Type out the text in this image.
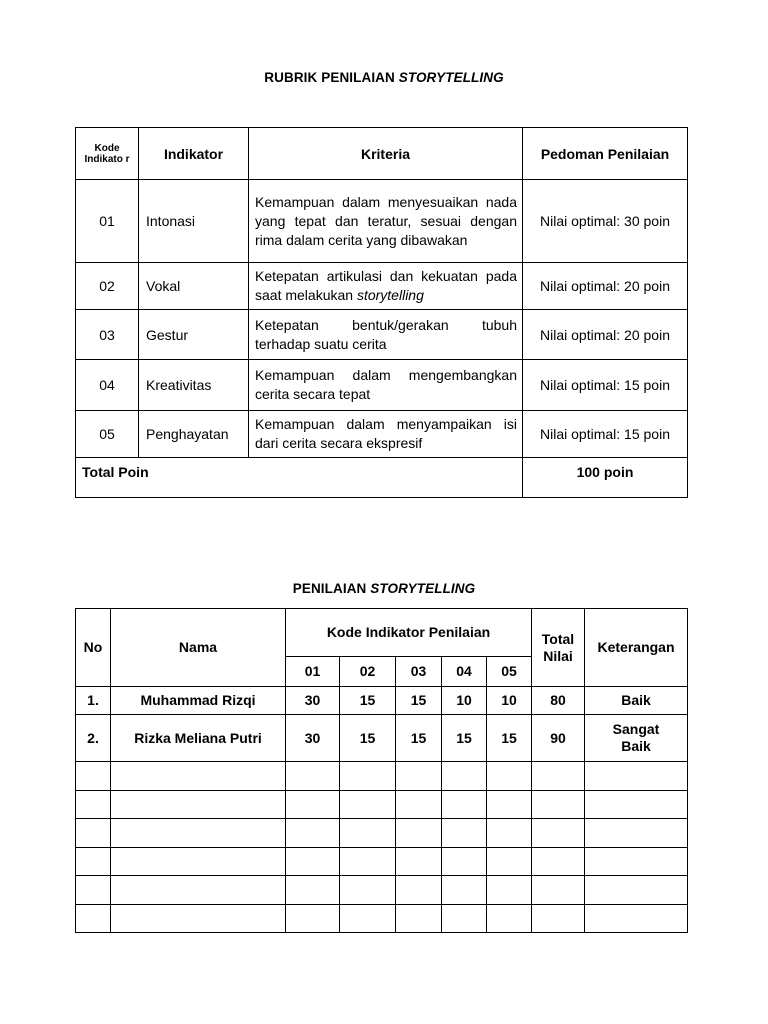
RUBRIK PENILAIAN STORYTELLING
Kode Indikato r	Indikator	Kriteria	Pedoman Penilaian
01	Intonasi	Kemampuan dalam menyesuaikan nada yang tepat dan teratur, sesuai dengan rima dalam cerita yang dibawakan	Nilai optimal: 30 poin
02	Vokal	Ketepatan artikulasi dan kekuatan pada saat melakukan storytelling	Nilai optimal: 20 poin
03	Gestur	Ketepatan bentuk/gerakan tubuh terhadap suatu cerita	Nilai optimal: 20 poin
04	Kreativitas	Kemampuan dalam mengembangkan cerita secara tepat	Nilai optimal: 15 poin
05	Penghayatan	Kemampuan dalam menyampaikan isi dari cerita secara ekspresif	Nilai optimal: 15 poin
Total Poin			100 poin
PENILAIAN STORYTELLING
No	Nama	Kode Indikator Penilaian					Total Nilai	Keterangan
		01	02	03	04	05		
1.	Muhammad Rizqi	30	15	15	10	10	80	Baik
2.	Rizka Meliana Putri	30	15	15	15	15	90	Sangat Baik
